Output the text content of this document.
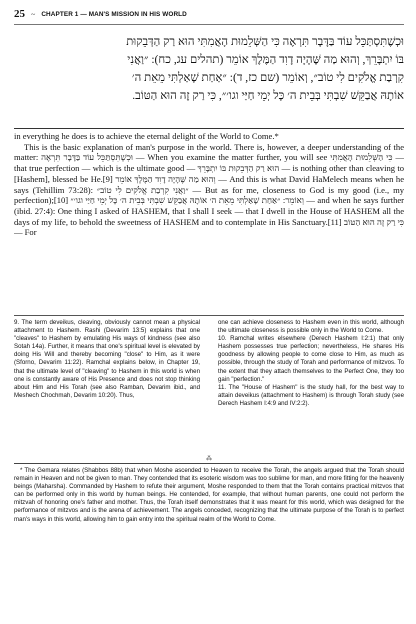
25 ~ CHAPTER 1 — MAN'S MISSION IN HIS WORLD
וּכְשֶׁתִּסְתַּכֵּל עוֹד בַּדָּבָר תִּרְאֶה כִּי הַשְּׁלֵמוּת הָאֲמִתִּי הוּא רַק הַדְּבֵקוּת
בּוֹ יִתְבָּרֵךְ, וְהוּא מַה שֶּׁהָיָה דָוִד הַמֶּלֶךְ אוֹמֵר (תהלים עג, כח): ״וַאֲנִי
קִרְבַת אֱלֹקִים לִי טוֹב״, וְאוֹמֵר (שם כז, ד): ״אַחַת שָׁאַלְתִּי מֵאֵת ה׳
אוֹתָהּ אֲבַקֵּשׁ שִׁבְתִּי בְּבֵית ה׳ כָּל יְמֵי חַיַּי וגו׳״, כִּי רַק זֶה הוּא הַטּוֹב.

in everything he does is to achieve the eternal delight of the World to Come.*

This is the basic explanation of man's purpose in the world. There is, however, a deeper understanding of the matter: וּכְשֶׁתִּסְתַּכֵּל עוֹד בַּדָּבָר תִּרְאֶה — When you examine the matter further, you will see כִּי הַשְּׁלֵמוּת הָאֲמִתִּי — that true perfection — which is the ultimate good — הוּא רַק הַדְּבֵקוּת בּוֹ יִתְבָּרֵךְ — is nothing other than cleaving to [Hashem], blessed be He.[9] וְהוּא מַה שֶּׁהָיָה דָוִד הַמֶּלֶךְ אוֹמֵר — And this is what David HaMelech means when he says (Tehillim 73:28): ״וַאֲנִי קִרְבַת אֱלֹקִים לִי טוֹב״ — But as for me, closeness to God is my good (i.e., my perfection);[10] וְאוֹמֵר: ״אַחַת שָׁאַלְתִּי מֵאֵת ה׳ אוֹתָהּ אֲבַקֵּשׁ שִׁבְתִּי בְּבֵית ה׳ כָּל יְמֵי חַיַּי וגו׳״ — and when he says further (ibid. 27:4): One thing I asked of HASHEM, that I shall I seek — that I dwell in the House of HASHEM all the days of my life, to behold the sweetness of HASHEM and to contemplate in His Sanctuary.[11] כִּי רַק זֶה הוּא הַטּוֹב — For

9. The term deveikus, cleaving, obviously cannot mean a physical attachment to Hashem. Rashi (Devarim 13:5) explains that one "cleaves" to Hashem by emulating His ways of kindness (see also Sotah 14a). Further, it means that one's spiritual level is elevated by doing His Will and thereby becoming "close" to Him, as it were (Sforno, Devarim 11:22). Ramchal explains below, in Chapter 19, that the ultimate level of "cleaving" to Hashem in this world is when one is constantly aware of His Presence and does not stop thinking about Him and His Torah (see also Ramban, Devarim ibid., and Meshech Chochmah, Devarim 10:20). Thus,

one can achieve closeness to Hashem even in this world, although the ultimate closeness is possible only in the World to Come.

10. Ramchal writes elsewhere (Derech Hashem I:2:1) that only Hashem possesses true perfection; nevertheless, He shares His goodness by allowing people to come close to Him, as much as possible, through the study of Torah and performance of mitzvos. To the extent that they attach themselves to the Perfect One, they too gain "perfection."

11. The "House of Hashem" is the study hall, for the best way to attain deveikus (attachment to Hashem) is through Torah study (see Derech Hashem I:4:9 and IV:2:2).

⁂

* The Gemara relates (Shabbos 88b) that when Moshe ascended to Heaven to receive the Torah, the angels argued that the Torah should remain in Heaven and not be given to man. They contended that its esoteric wisdom was too sublime for man, and more fitting for the heavenly beings (Maharsha). Commanded by Hashem to refute their argument, Moshe responded to them that the Torah contains practical mitzvos that can be performed only in this world by human beings. He contended, for example, that without human parents, one could not perform the mitzvah of honoring one's father and mother. Thus, the Torah itself demonstrates that it was meant for this world, which was designed for the performance of mitzvos and is the arena of achievement. The angels conceded, recognizing that the ultimate purpose of the Torah is to perfect man's ways in this world, allowing him to gain entry into the spiritual realm of the World to Come.
